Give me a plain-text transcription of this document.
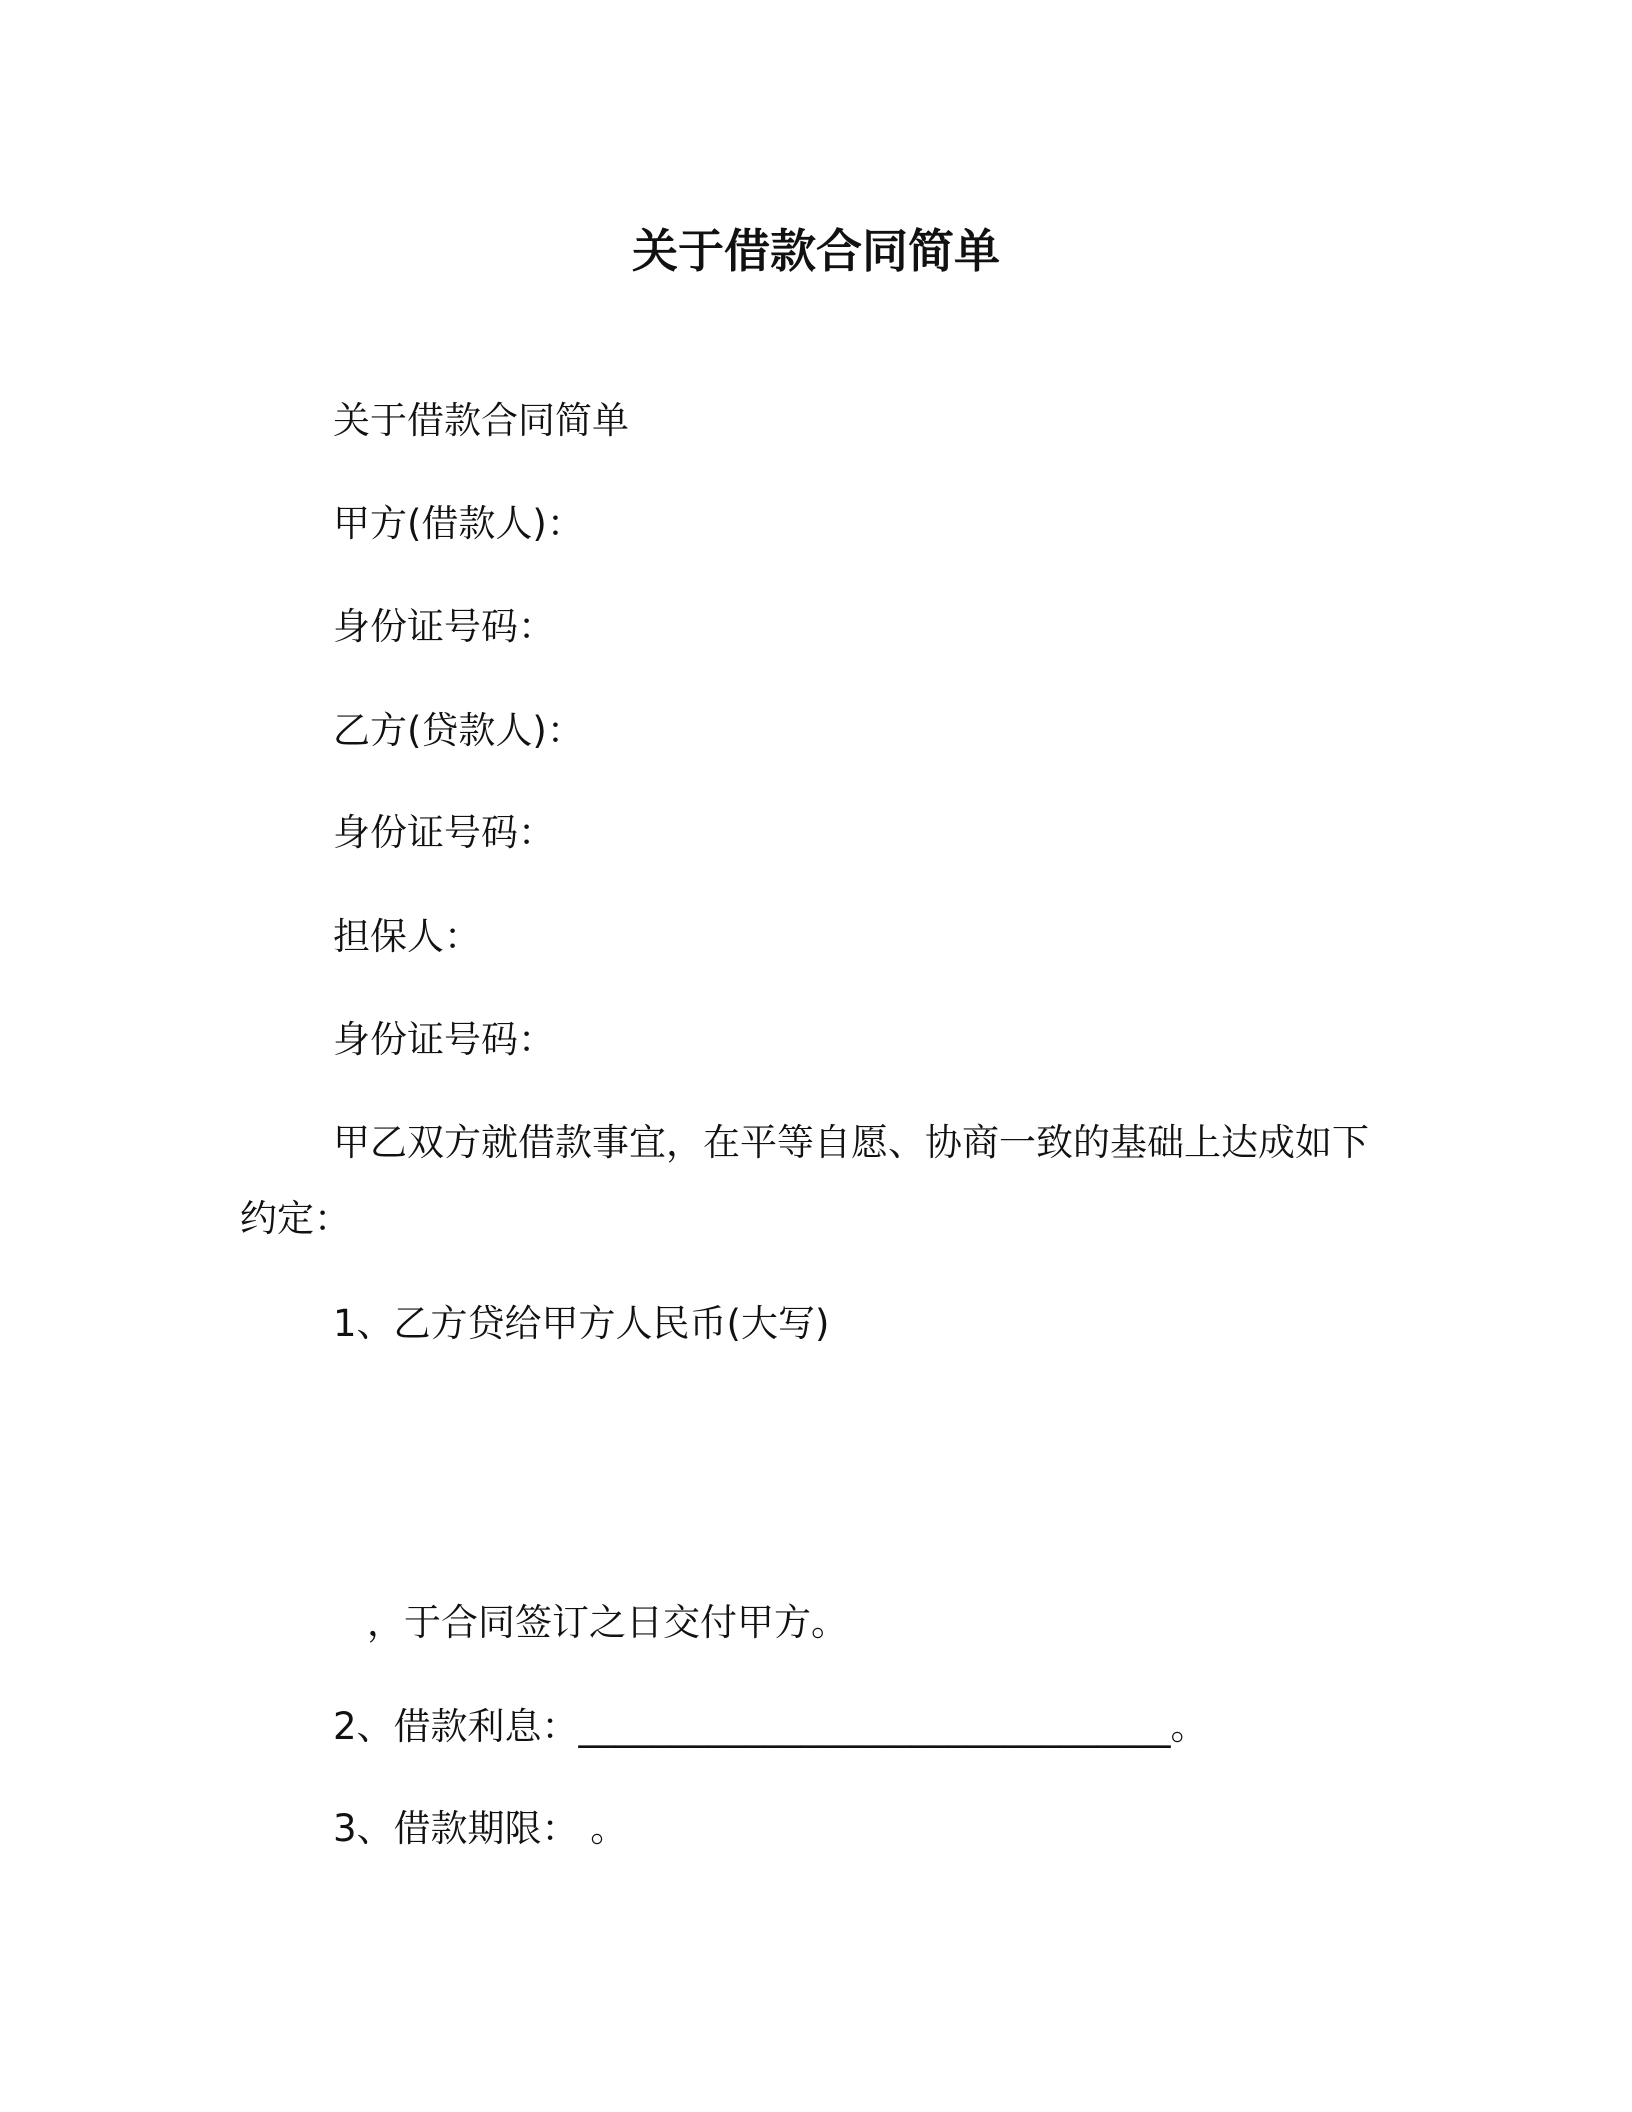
关于借款合同简单
关于借款合同简单
甲方(借款人)：
身份证号码：
乙方(贷款人)：
身份证号码：
担保人：
身份证号码：
甲乙双方就借款事宜，在平等自愿、协商一致的基础上达成如下约定：
1、乙方贷给甲方人民币(大写)
，于合同签订之日交付甲方。
2、借款利息：________________________________。
3、借款期限： 。
